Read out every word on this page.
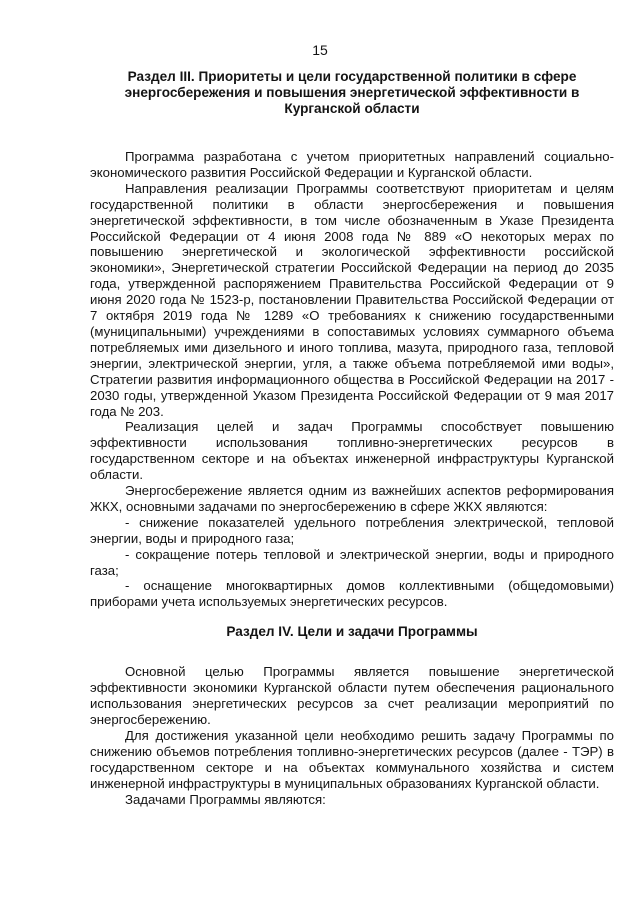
15

Раздел III. Приоритеты и цели государственной политики в сфере энергосбережения и повышения энергетической эффективности в Курганской области

Программа разработана с учетом приоритетных направлений социально-экономического развития Российской Федерации и Курганской области.

Направления реализации Программы соответствуют приоритетам и целям государственной политики в области энергосбережения и повышения энергетической эффективности, в том числе обозначенным в Указе Президента Российской Федерации от 4 июня 2008 года № 889 «О некоторых мерах по повышению энергетической и экологической эффективности российской экономики», Энергетической стратегии Российской Федерации на период до 2035 года, утвержденной распоряжением Правительства Российской Федерации от 9 июня 2020 года № 1523-р, постановлении Правительства Российской Федерации от 7 октября 2019 года № 1289 «О требованиях к снижению государственными (муниципальными) учреждениями в сопоставимых условиях суммарного объема потребляемых ими дизельного и иного топлива, мазута, природного газа, тепловой энергии, электрической энергии, угля, а также объема потребляемой ими воды», Стратегии развития информационного общества в Российской Федерации на 2017 - 2030 годы, утвержденной Указом Президента Российской Федерации от 9 мая 2017 года № 203.

Реализация целей и задач Программы способствует повышению эффективности использования топливно-энергетических ресурсов в государственном секторе и на объектах инженерной инфраструктуры Курганской области.

Энергосбережение является одним из важнейших аспектов реформирования ЖКХ, основными задачами по энергосбережению в сфере ЖКХ являются:

- снижение показателей удельного потребления электрической, тепловой энергии, воды и природного газа;

- сокращение потерь тепловой и электрической энергии, воды и природного газа;

- оснащение многоквартирных домов коллективными (общедомовыми) приборами учета используемых энергетических ресурсов.

Раздел IV. Цели и задачи Программы

Основной целью Программы является повышение энергетической эффективности экономики Курганской области путем обеспечения рационального использования энергетических ресурсов за счет реализации мероприятий по энергосбережению.

Для достижения указанной цели необходимо решить задачу Программы по снижению объемов потребления топливно-энергетических ресурсов (далее - ТЭР) в государственном секторе и на объектах коммунального хозяйства и систем инженерной инфраструктуры в муниципальных образованиях Курганской области.

Задачами Программы являются:
